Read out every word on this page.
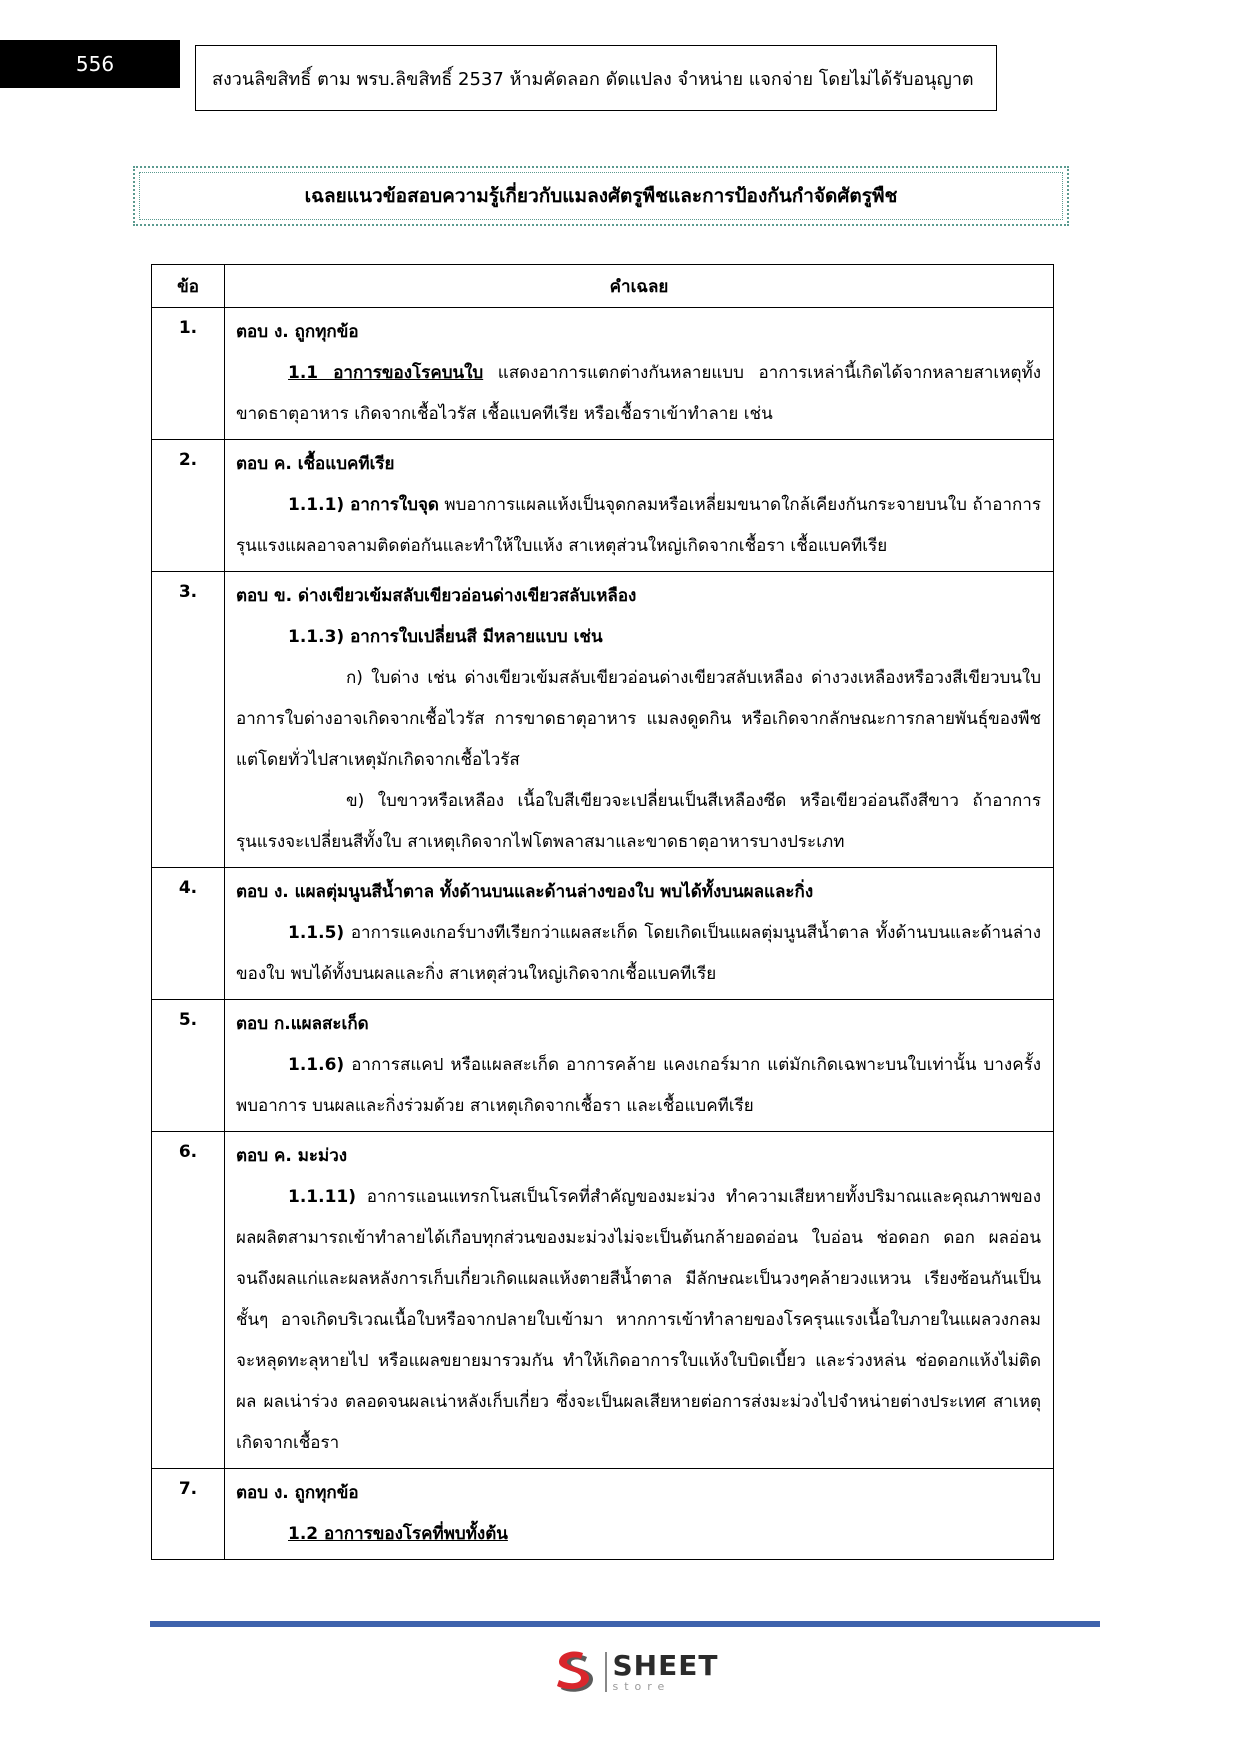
556
สงวนลิขสิทธิ์ ตาม พรบ.ลิขสิทธิ์ 2537 ห้ามคัดลอก ดัดแปลง จำหน่าย แจกจ่าย โดยไม่ได้รับอนุญาต
เฉลยแนวข้อสอบความรู้เกี่ยวกับแมลงศัตรูพืชและการป้องกันกำจัดศัตรูพืช
ข้อ	คำเฉลย
1.	ตอบ ง. ถูกทุกข้อ
1.1 อาการของโรคบนใบ แสดงอาการแตกต่างกันหลายแบบ อาการเหล่านี้เกิดได้จากหลายสาเหตุทั้งขาดธาตุอาหาร เกิดจากเชื้อไวรัส เชื้อแบคทีเรีย หรือเชื้อราเข้าทำลาย เช่น

2.	ตอบ ค. เชื้อแบคทีเรีย
1.1.1) อาการใบจุด พบอาการแผลแห้งเป็นจุดกลมหรือเหลี่ยมขนาดใกล้เคียงกันกระจายบนใบ ถ้าอาการรุนแรงแผลอาจลามติดต่อกันและทำให้ใบแห้ง สาเหตุส่วนใหญ่เกิดจากเชื้อรา เชื้อแบคทีเรีย

3.	ตอบ ข. ด่างเขียวเข้มสลับเขียวอ่อนด่างเขียวสลับเหลือง
1.1.3) อาการใบเปลี่ยนสี มีหลายแบบ เช่น
ก) ใบด่าง เช่น ด่างเขียวเข้มสลับเขียวอ่อนด่างเขียวสลับเหลือง ด่างวงเหลืองหรือวงสีเขียวบนใบ อาการใบด่างอาจเกิดจากเชื้อไวรัส การขาดธาตุอาหาร แมลงดูดกิน หรือเกิดจากลักษณะการกลายพันธุ์ของพืช แต่โดยทั่วไปสาเหตุมักเกิดจากเชื้อไวรัส
ข) ใบขาวหรือเหลือง เนื้อใบสีเขียวจะเปลี่ยนเป็นสีเหลืองซีด หรือเขียวอ่อนถึงสีขาว ถ้าอาการรุนแรงจะเปลี่ยนสีทั้งใบ สาเหตุเกิดจากไฟโตพลาสมาและขาดธาตุอาหารบางประเภท

4.	ตอบ ง. แผลตุ่มนูนสีน้ำตาล ทั้งด้านบนและด้านล่างของใบ พบได้ทั้งบนผลและกิ่ง
1.1.5) อาการแคงเกอร์บางทีเรียกว่าแผลสะเก็ด โดยเกิดเป็นแผลตุ่มนูนสีน้ำตาล ทั้งด้านบนและด้านล่างของใบ พบได้ทั้งบนผลและกิ่ง สาเหตุส่วนใหญ่เกิดจากเชื้อแบคทีเรีย

5.	ตอบ ก.แผลสะเก็ด
1.1.6) อาการสแคป หรือแผลสะเก็ด อาการคล้าย แคงเกอร์มาก แต่มักเกิดเฉพาะบนใบเท่านั้น บางครั้งพบอาการ บนผลและกิ่งร่วมด้วย สาเหตุเกิดจากเชื้อรา และเชื้อแบคทีเรีย

6.	ตอบ ค. มะม่วง
1.1.11) อาการแอนแทรกโนสเป็นโรคที่สำคัญของมะม่วง ทำความเสียหายทั้งปริมาณและคุณภาพของผลผลิตสามารถเข้าทำลายได้เกือบทุกส่วนของมะม่วงไม่จะเป็นต้นกล้ายอดอ่อน ใบอ่อน ช่อดอก ดอก ผลอ่อนจนถึงผลแก่และผลหลังการเก็บเกี่ยวเกิดแผลแห้งตายสีน้ำตาล มีลักษณะเป็นวงๆคล้ายวงแหวน เรียงซ้อนกันเป็นชั้นๆ อาจเกิดบริเวณเนื้อใบหรือจากปลายใบเข้ามา หากการเข้าทำลายของโรครุนแรงเนื้อใบภายในแผลวงกลมจะหลุดทะลุหายไป หรือแผลขยายมารวมกัน ทำให้เกิดอาการใบแห้งใบบิดเบี้ยว และร่วงหล่น ช่อดอกแห้งไม่ติดผล ผลเน่าร่วง ตลอดจนผลเน่าหลังเก็บเกี่ยว ซึ่งจะเป็นผลเสียหายต่อการส่งมะม่วงไปจำหน่ายต่างประเทศ สาเหตุเกิดจากเชื้อรา

7.	ตอบ ง. ถูกทุกข้อ
1.2 อาการของโรคที่พบทั้งต้น
SHEET
store
